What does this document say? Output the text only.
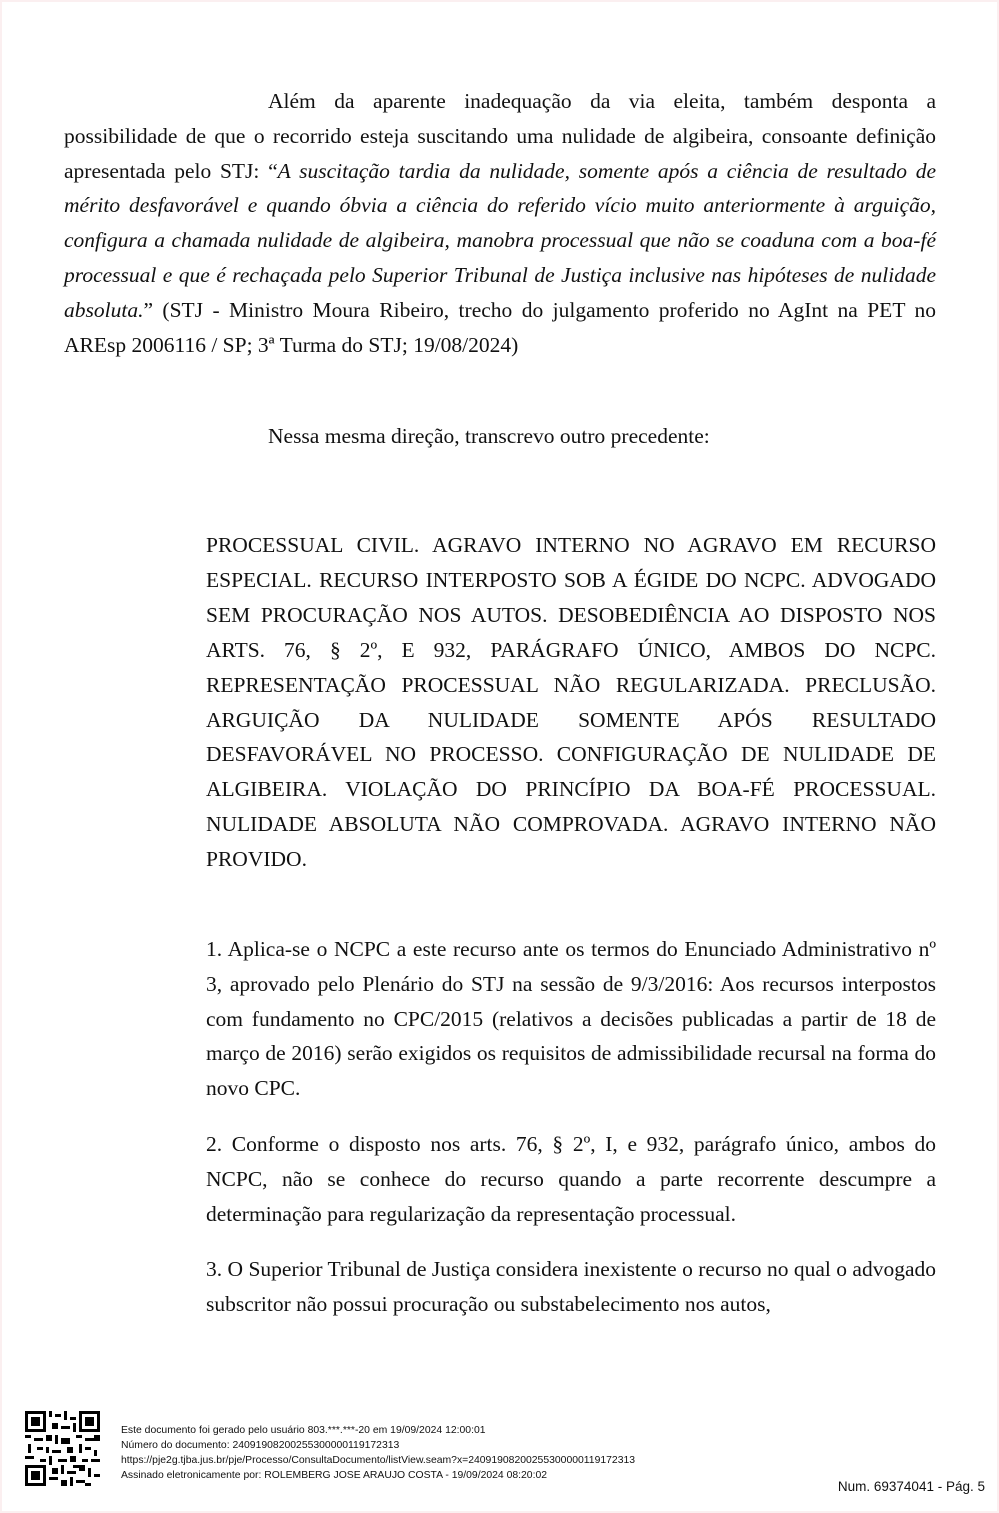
Além da aparente inadequação da via eleita, também desponta a possibilidade de que o recorrido esteja suscitando uma nulidade de algibeira, consoante definição apresentada pelo STJ: “A suscitação tardia da nulidade, somente após a ciência de resultado de mérito desfavorável e quando óbvia a ciência do referido vício muito anteriormente à arguição, configura a chamada nulidade de algibeira, manobra processual que não se coaduna com a boa-fé processual e que é rechaçada pelo Superior Tribunal de Justiça inclusive nas hipóteses de nulidade absoluta.” (STJ - Ministro Moura Ribeiro, trecho do julgamento proferido no AgInt na PET no AREsp 2006116 / SP; 3ª Turma do STJ; 19/08/2024)

Nessa mesma direção, transcrevo outro precedente:

PROCESSUAL CIVIL. AGRAVO INTERNO NO AGRAVO EM RECURSO ESPECIAL. RECURSO INTERPOSTO SOB A ÉGIDE DO NCPC. ADVOGADO SEM PROCURAÇÃO NOS AUTOS. DESOBEDIÊNCIA AO DISPOSTO NOS ARTS. 76, § 2º, E 932, PARÁGRAFO ÚNICO, AMBOS DO NCPC. REPRESENTAÇÃO PROCESSUAL NÃO REGULARIZADA. PRECLUSÃO. ARGUIÇÃO DA NULIDADE SOMENTE APÓS RESULTADO DESFAVORÁVEL NO PROCESSO. CONFIGURAÇÃO DE NULIDADE DE ALGIBEIRA. VIOLAÇÃO DO PRINCÍPIO DA BOA-FÉ PROCESSUAL. NULIDADE ABSOLUTA NÃO COMPROVADA. AGRAVO INTERNO NÃO PROVIDO.

1. Aplica-se o NCPC a este recurso ante os termos do Enunciado Administrativo nº 3, aprovado pelo Plenário do STJ na sessão de 9/3/2016: Aos recursos interpostos com fundamento no CPC/2015 (relativos a decisões publicadas a partir de 18 de março de 2016) serão exigidos os requisitos de admissibilidade recursal na forma do novo CPC.

2. Conforme o disposto nos arts. 76, § 2º, I, e 932, parágrafo único, ambos do NCPC, não se conhece do recurso quando a parte recorrente descumpre a determinação para regularização da representação processual.

3. O Superior Tribunal de Justiça considera inexistente o recurso no qual o advogado subscritor não possui procuração ou substabelecimento nos autos,

Este documento foi gerado pelo usuário 803.***.***-20 em 19/09/2024 12:00:01
Número do documento: 24091908200255300000119172313
https://pje2g.tjba.jus.br/pje/Processo/ConsultaDocumento/listView.seam?x=24091908200255300000119172313
Assinado eletronicamente por: ROLEMBERG JOSE ARAUJO COSTA - 19/09/2024 08:20:02
Num. 69374041 - Pág. 5
